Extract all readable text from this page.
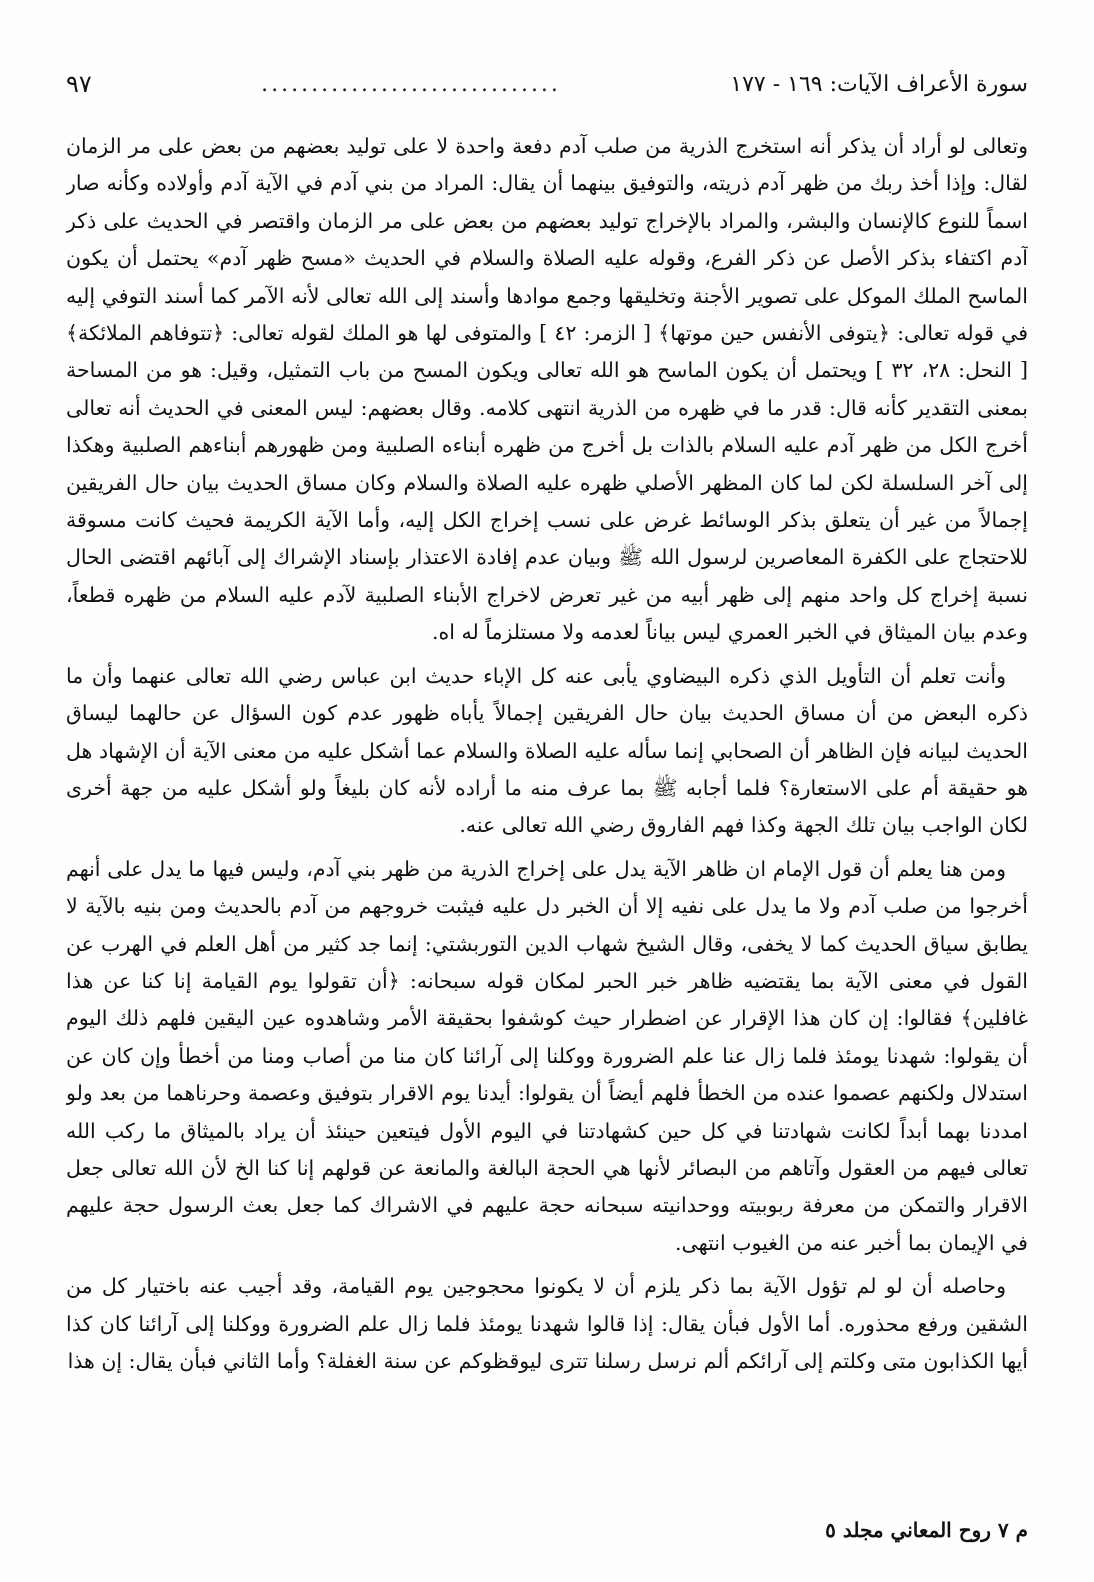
سورة الأعراف الآيات: ١٦٩ - ١٧٧
..............................
٩٧

وتعالى لو أراد أن يذكر أنه استخرج الذرية من صلب آدم دفعة واحدة لا على توليد بعضهم من بعض على مر الزمان لقال: وإذا أخذ ربك من ظهر آدم ذريته، والتوفيق بينهما أن يقال: المراد من بني آدم في الآية آدم وأولاده وكأنه صار اسماً للنوع كالإنسان والبشر، والمراد بالإخراج توليد بعضهم من بعض على مر الزمان واقتصر في الحديث على ذكر آدم اكتفاء بذكر الأصل عن ذكر الفرع، وقوله عليه الصلاة والسلام في الحديث «مسح ظهر آدم» يحتمل أن يكون الماسح الملك الموكل على تصوير الأجنة وتخليقها وجمع موادها وأسند إلى الله تعالى لأنه الآمر كما أسند التوفي إليه في قوله تعالى: ﴿يتوفى الأنفس حين موتها﴾ [ الزمر: ٤٢ ] والمتوفى لها هو الملك لقوله تعالى: ﴿تتوفاهم الملائكة﴾ [ النحل: ٢٨، ٣٢ ] ويحتمل أن يكون الماسح هو الله تعالى ويكون المسح من باب التمثيل، وقيل: هو من المساحة بمعنى التقدير كأنه قال: قدر ما في ظهره من الذرية انتهى كلامه. وقال بعضهم: ليس المعنى في الحديث أنه تعالى أخرج الكل من ظهر آدم عليه السلام بالذات بل أخرج من ظهره أبناءه الصلبية ومن ظهورهم أبناءهم الصلبية وهكذا إلى آخر السلسلة لكن لما كان المظهر الأصلي ظهره عليه الصلاة والسلام وكان مساق الحديث بيان حال الفريقين إجمالاً من غير أن يتعلق بذكر الوسائط غرض على نسب إخراج الكل إليه، وأما الآية الكريمة فحيث كانت مسوقة للاحتجاج على الكفرة المعاصرين لرسول الله ﷺ وبيان عدم إفادة الاعتذار بإسناد الإشراك إلى آبائهم اقتضى الحال نسبة إخراج كل واحد منهم إلى ظهر أبيه من غير تعرض لاخراج الأبناء الصلبية لآدم عليه السلام من ظهره قطعاً، وعدم بيان الميثاق في الخبر العمري ليس بياناً لعدمه ولا مستلزماً له اه.

وأنت تعلم أن التأويل الذي ذكره البيضاوي يأبى عنه كل الإباء حديث ابن عباس رضي الله تعالى عنهما وأن ما ذكره البعض من أن مساق الحديث بيان حال الفريقين إجمالاً يأباه ظهور عدم كون السؤال عن حالهما ليساق الحديث لبيانه فإن الظاهر أن الصحابي إنما سأله عليه الصلاة والسلام عما أشكل عليه من معنى الآية أن الإشهاد هل هو حقيقة أم على الاستعارة؟ فلما أجابه ﷺ بما عرف منه ما أراده لأنه كان بليغاً ولو أشكل عليه من جهة أخرى لكان الواجب بيان تلك الجهة وكذا فهم الفاروق رضي الله تعالى عنه.

ومن هنا يعلم أن قول الإمام ان ظاهر الآية يدل على إخراج الذرية من ظهر بني آدم، وليس فيها ما يدل على أنهم أخرجوا من صلب آدم ولا ما يدل على نفيه إلا أن الخبر دل عليه فيثبت خروجهم من آدم بالحديث ومن بنيه بالآية لا يطابق سياق الحديث كما لا يخفى، وقال الشيخ شهاب الدين التوربشتي: إنما جد كثير من أهل العلم في الهرب عن القول في معنى الآية بما يقتضيه ظاهر خبر الحبر لمكان قوله سبحانه: ﴿أن تقولوا يوم القيامة إنا كنا عن هذا غافلين﴾ فقالوا: إن كان هذا الإقرار عن اضطرار حيث كوشفوا بحقيقة الأمر وشاهدوه عين اليقين فلهم ذلك اليوم أن يقولوا: شهدنا يومئذ فلما زال عنا علم الضرورة ووكلنا إلى آرائنا كان منا من أصاب ومنا من أخطأ وإن كان عن استدلال ولكنهم عصموا عنده من الخطأ فلهم أيضاً أن يقولوا: أيدنا يوم الاقرار بتوفيق وعصمة وحرناهما من بعد ولو امددنا بهما أبداً لكانت شهادتنا في كل حين كشهادتنا في اليوم الأول فيتعين حينئذ أن يراد بالميثاق ما ركب الله تعالى فيهم من العقول وآتاهم من البصائر لأنها هي الحجة البالغة والمانعة عن قولهم إنا كنا الخ لأن الله تعالى جعل الاقرار والتمكن من معرفة ربوبيته ووحدانيته سبحانه حجة عليهم في الاشراك كما جعل بعث الرسول حجة عليهم في الإيمان بما أخبر عنه من الغيوب انتهى.

وحاصله أن لو لم تؤول الآية بما ذكر يلزم أن لا يكونوا محجوجين يوم القيامة، وقد أجيب عنه باختيار كل من الشقين ورفع محذوره. أما الأول فبأن يقال: إذا قالوا شهدنا يومئذ فلما زال علم الضرورة ووكلنا إلى آرائنا كان كذا أيها الكذابون متى وكلتم إلى آرائكم ألم نرسل رسلنا تترى ليوقظوكم عن سنة الغفلة؟ وأما الثاني فبأن يقال: إن هذا

م ٧ روح المعاني مجلد ٥
